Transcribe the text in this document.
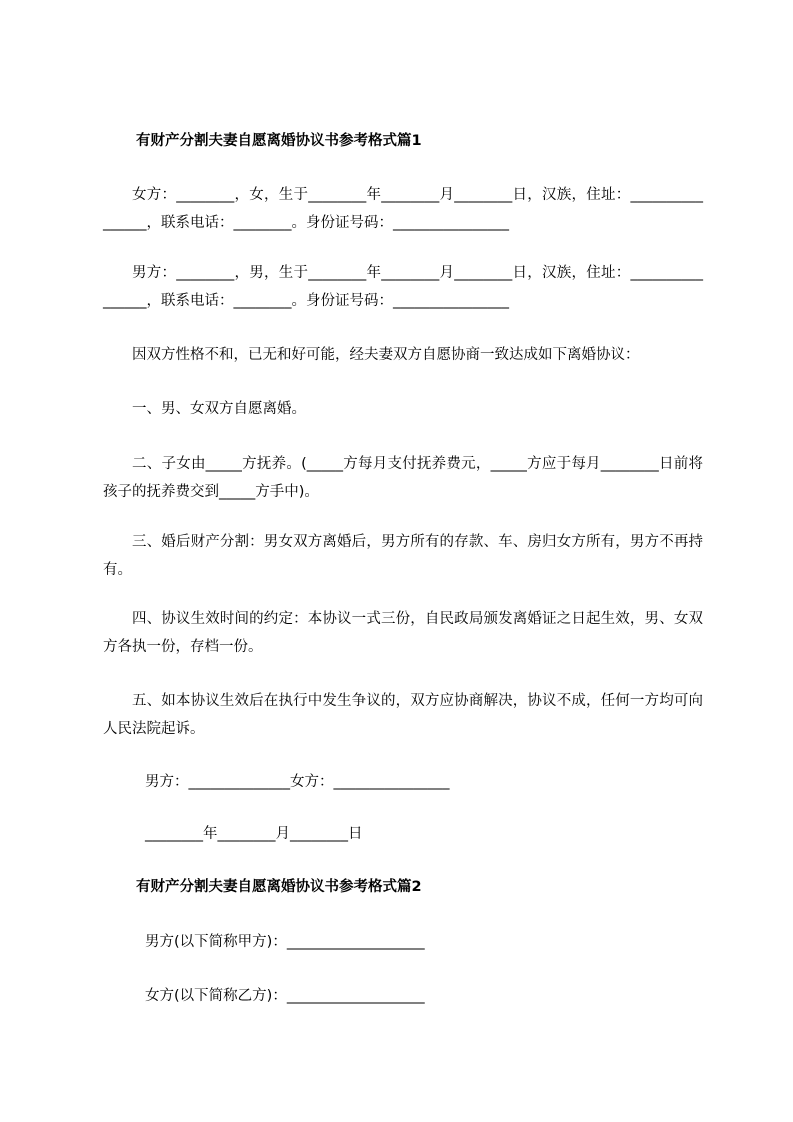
有财产分割夫妻自愿离婚协议书参考格式篇1
女方：________，女，生于________年________月________日，汉族，住址：________________，联系电话：________。身份证号码：________________
男方：________，男，生于________年________月________日，汉族，住址：________________，联系电话：________。身份证号码：________________
因双方性格不和，已无和好可能，经夫妻双方自愿协商一致达成如下离婚协议：
一、男、女双方自愿离婚。
二、子女由_____方抚养。(_____方每月支付抚养费元，_____方应于每月________日前将孩子的抚养费交到_____方手中)。
三、婚后财产分割：男女双方离婚后，男方所有的存款、车、房归女方所有，男方不再持有。
四、协议生效时间的约定：本协议一式三份，自民政局颁发离婚证之日起生效，男、女双方各执一份，存档一份。
五、如本协议生效后在执行中发生争议的，双方应协商解决，协议不成，任何一方均可向人民法院起诉。
男方：______________女方：________________
________年________月________日
有财产分割夫妻自愿离婚协议书参考格式篇2
男方(以下简称甲方)：___________________
女方(以下简称乙方)：___________________
